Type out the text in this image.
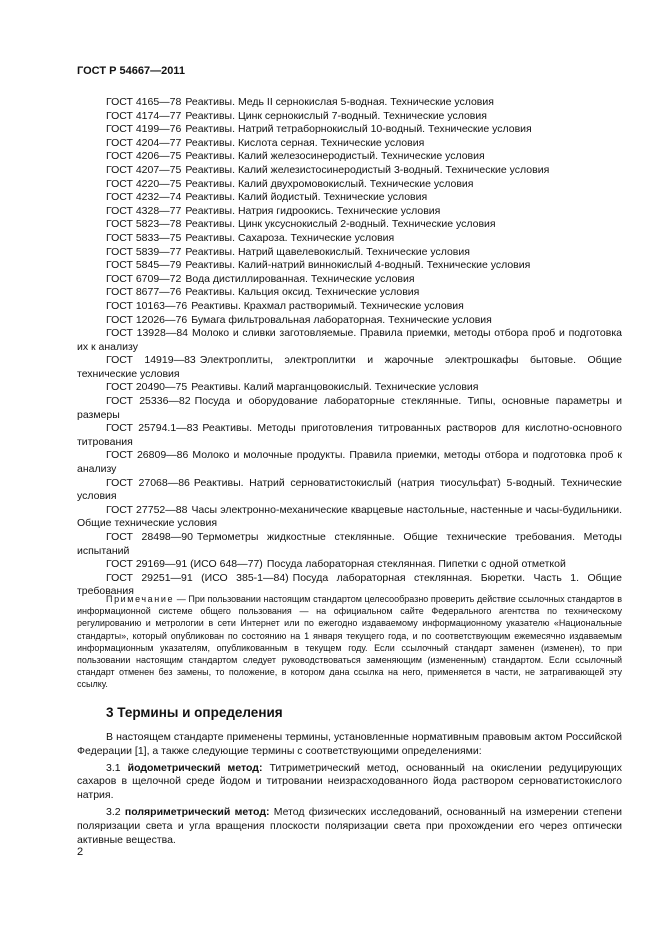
ГОСТ Р 54667—2011
ГОСТ 4165—78 Реактивы. Медь II сернокислая 5-водная. Технические условия
ГОСТ 4174—77 Реактивы. Цинк сернокислый 7-водный. Технические условия
ГОСТ 4199—76 Реактивы. Натрий тетраборнокислый 10-водный. Технические условия
ГОСТ 4204—77 Реактивы. Кислота серная. Технические условия
ГОСТ 4206—75 Реактивы. Калий железосинеродистый. Технические условия
ГОСТ 4207—75 Реактивы. Калий железистосинеродистый 3-водный. Технические условия
ГОСТ 4220—75 Реактивы. Калий двухромовокислый. Технические условия
ГОСТ 4232—74 Реактивы. Калий йодистый. Технические условия
ГОСТ 4328—77 Реактивы. Натрия гидроокись. Технические условия
ГОСТ 5823—78 Реактивы. Цинк уксуснокислый 2-водный. Технические условия
ГОСТ 5833—75 Реактивы. Сахароза. Технические условия
ГОСТ 5839—77 Реактивы. Натрий щавелевокислый. Технические условия
ГОСТ 5845—79 Реактивы. Калий-натрий виннокислый 4-водный. Технические условия
ГОСТ 6709—72 Вода дистиллированная. Технические условия
ГОСТ 8677—76 Реактивы. Кальция оксид. Технические условия
ГОСТ 10163—76 Реактивы. Крахмал растворимый. Технические условия
ГОСТ 12026—76 Бумага фильтровальная лабораторная. Технические условия
ГОСТ 13928—84 Молоко и сливки заготовляемые. Правила приемки, методы отбора проб и подготовка их к анализу
ГОСТ 14919—83 Электроплиты, электроплитки и жарочные электрошкафы бытовые. Общие технические условия
ГОСТ 20490—75 Реактивы. Калий марганцовокислый. Технические условия
ГОСТ 25336—82 Посуда и оборудование лабораторные стеклянные. Типы, основные параметры и размеры
ГОСТ 25794.1—83 Реактивы. Методы приготовления титрованных растворов для кислотно-основного титрования
ГОСТ 26809—86 Молоко и молочные продукты. Правила приемки, методы отбора и подготовка проб к анализу
ГОСТ 27068—86 Реактивы. Натрий серноватистокислый (натрия тиосульфат) 5-водный. Технические условия
ГОСТ 27752—88 Часы электронно-механические кварцевые настольные, настенные и часы-будильники. Общие технические условия
ГОСТ 28498—90 Термометры жидкостные стеклянные. Общие технические требования. Методы испытаний
ГОСТ 29169—91 (ИСО 648—77) Посуда лабораторная стеклянная. Пипетки с одной отметкой
ГОСТ 29251—91 (ИСО 385-1—84) Посуда лабораторная стеклянная. Бюретки. Часть 1. Общие требования
Примечание — При пользовании настоящим стандартом целесообразно проверить действие ссылочных стандартов в информационной системе общего пользования — на официальном сайте Федерального агентства по техническому регулированию и метрологии в сети Интернет или по ежегодно издаваемому информационному указателю «Национальные стандарты», который опубликован по состоянию на 1 января текущего года, и по соответствующим ежемесячно издаваемым информационным указателям, опубликованным в текущем году. Если ссылочный стандарт заменен (изменен), то при пользовании настоящим стандартом следует руководствоваться заменяющим (измененным) стандартом. Если ссылочный стандарт отменен без замены, то положение, в котором дана ссылка на него, применяется в части, не затрагивающей эту ссылку.
3 Термины и определения

В настоящем стандарте применены термины, установленные нормативным правовым актом Российской Федерации [1], а также следующие термины с соответствующими определениями:

3.1 йодометрический метод: Титриметрический метод, основанный на окислении редуцирующих сахаров в щелочной среде йодом и титровании неизрасходованного йода раствором серноватистокислого натрия.

3.2 поляриметрический метод: Метод физических исследований, основанный на измерении степени поляризации света и угла вращения плоскости поляризации света при прохождении его через оптически активные вещества.

2
